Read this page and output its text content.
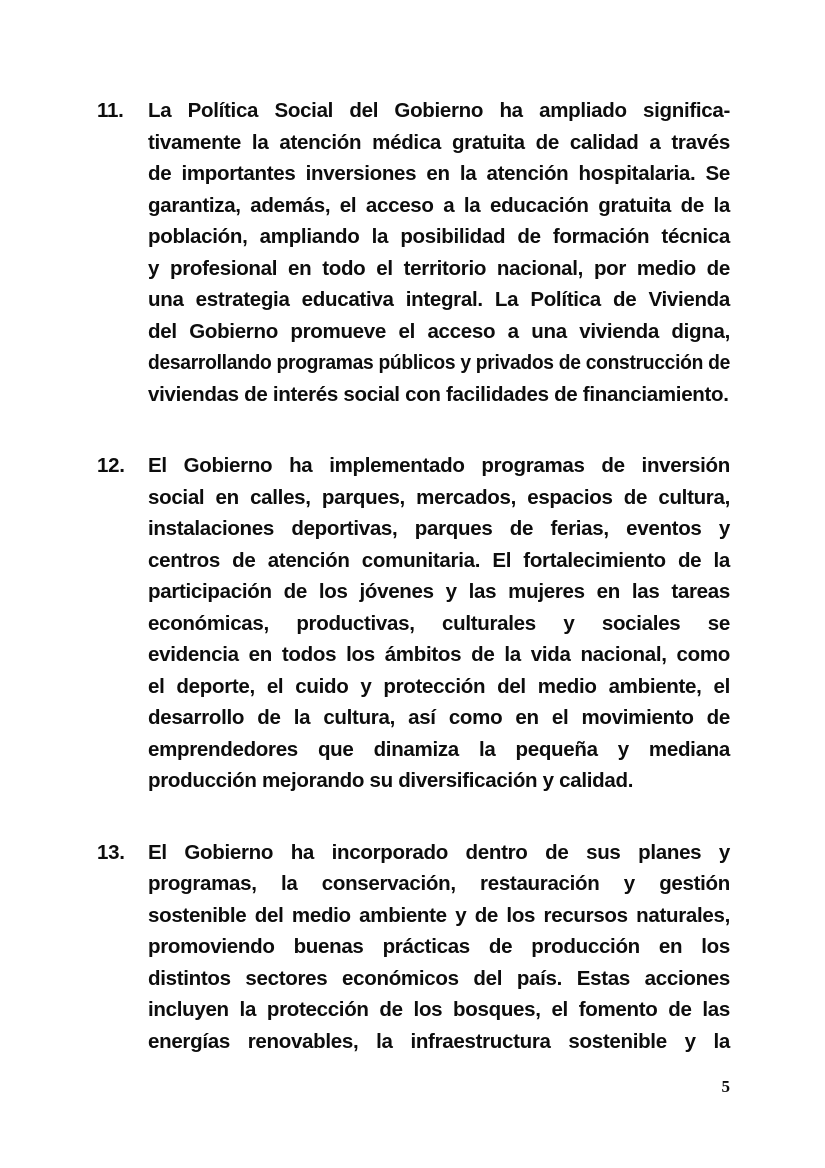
11.	La Política Social del Gobierno ha ampliado significa-
tivamente la atención médica gratuita de calidad a través
de importantes inversiones en la atención hospitalaria. Se
garantiza, además, el acceso a la educación gratuita de la
población, ampliando la posibilidad de formación técnica
y profesional en todo el territorio nacional, por medio de
una estrategia educativa integral. La Política de Vivienda
del Gobierno promueve el acceso a una vivienda digna,
desarrollando programas públicos y privados de construcción de
viviendas de interés social con facilidades de financiamiento.
12.	El Gobierno ha implementado programas de inversión
social en calles, parques, mercados, espacios de cultura,
instalaciones deportivas, parques de ferias, eventos y
centros de atención comunitaria. El fortalecimiento de la
participación de los jóvenes y las mujeres en las tareas
económicas, productivas, culturales y sociales se
evidencia en todos los ámbitos de la vida nacional, como
el deporte, el cuido y protección del medio ambiente, el
desarrollo de la cultura, así como en el movimiento de
emprendedores que dinamiza la pequeña y mediana
producción mejorando su diversificación y calidad.
13.	El Gobierno ha incorporado dentro de sus planes y
programas, la conservación, restauración y gestión
sostenible del medio ambiente y de los recursos naturales,
promoviendo buenas prácticas de producción en los
distintos sectores económicos del país. Estas acciones
incluyen la protección de los bosques, el fomento de las
energías renovables, la infraestructura sostenible y la
5
